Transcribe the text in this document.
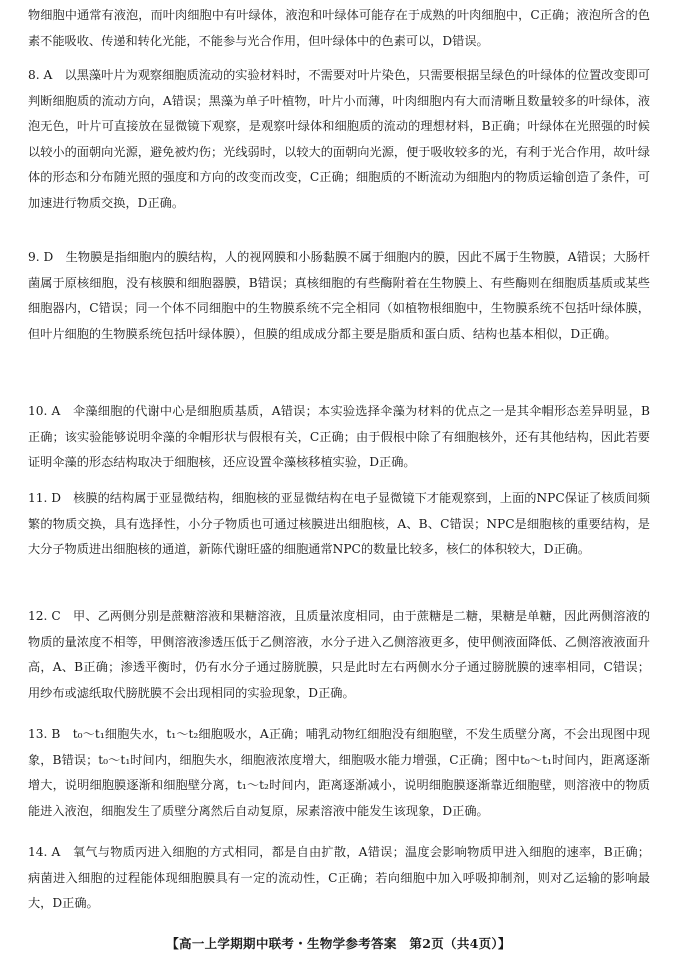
物细胞中通常有液泡，而叶肉细胞中有叶绿体，液泡和叶绿体可能存在于成熟的叶肉细胞中，C正确；液泡所含的色素不能吸收、传递和转化光能，不能参与光合作用，但叶绿体中的色素可以，D错误。

8. A　以黑藻叶片为观察细胞质流动的实验材料时，不需要对叶片染色，只需要根据呈绿色的叶绿体的位置改变即可判断细胞质的流动方向，A错误；黑藻为单子叶植物，叶片小而薄，叶肉细胞内有大而清晰且数量较多的叶绿体，液泡无色，叶片可直接放在显微镜下观察，是观察叶绿体和细胞质的流动的理想材料，B正确；叶绿体在光照强的时候以较小的面朝向光源，避免被灼伤；光线弱时，以较大的面朝向光源，便于吸收较多的光，有利于光合作用，故叶绿体的形态和分布随光照的强度和方向的改变而改变，C正确；细胞质的不断流动为细胞内的物质运输创造了条件，可加速进行物质交换，D正确。

9. D　生物膜是指细胞内的膜结构，人的视网膜和小肠黏膜不属于细胞内的膜，因此不属于生物膜，A错误；大肠杆菌属于原核细胞，没有核膜和细胞器膜，B错误；真核细胞的有些酶附着在生物膜上、有些酶则在细胞质基质或某些细胞器内，C错误；同一个体不同细胞中的生物膜系统不完全相同（如植物根细胞中，生物膜系统不包括叶绿体膜，但叶片细胞的生物膜系统包括叶绿体膜），但膜的组成成分都主要是脂质和蛋白质、结构也基本相似，D正确。

10. A　伞藻细胞的代谢中心是细胞质基质，A错误；本实验选择伞藻为材料的优点之一是其伞帽形态差异明显，B正确；该实验能够说明伞藻的伞帽形状与假根有关，C正确；由于假根中除了有细胞核外，还有其他结构，因此若要证明伞藻的形态结构取决于细胞核，还应设置伞藻核移植实验，D正确。

11. D　核膜的结构属于亚显微结构，细胞核的亚显微结构在电子显微镜下才能观察到，上面的NPC保证了核质间频繁的物质交换，具有选择性，小分子物质也可通过核膜进出细胞核，A、B、C错误；NPC是细胞核的重要结构，是大分子物质进出细胞核的通道，新陈代谢旺盛的细胞通常NPC的数量比较多，核仁的体积较大，D正确。

12. C　甲、乙两侧分别是蔗糖溶液和果糖溶液，且质量浓度相同，由于蔗糖是二糖，果糖是单糖，因此两侧溶液的物质的量浓度不相等，甲侧溶液渗透压低于乙侧溶液，水分子进入乙侧溶液更多，使甲侧液面降低、乙侧溶液液面升高，A、B正确；渗透平衡时，仍有水分子通过膀胱膜，只是此时左右两侧水分子通过膀胱膜的速率相同，C错误；用纱布或滤纸取代膀胱膜不会出现相同的实验现象，D正确。

13. B　t₀～t₁细胞失水，t₁～t₂细胞吸水，A正确；哺乳动物红细胞没有细胞壁，不发生质壁分离，不会出现图中现象，B错误；t₀～t₁时间内，细胞失水，细胞液浓度增大，细胞吸水能力增强，C正确；图中t₀～t₁时间内，距离逐渐增大，说明细胞膜逐渐和细胞壁分离，t₁～t₂时间内，距离逐渐减小，说明细胞膜逐渐靠近细胞壁，则溶液中的物质能进入液泡，细胞发生了质壁分离然后自动复原，尿素溶液中能发生该现象，D正确。

14. A　氧气与物质丙进入细胞的方式相同，都是自由扩散，A错误；温度会影响物质甲进入细胞的速率，B正确；病菌进入细胞的过程能体现细胞膜具有一定的流动性，C正确；若向细胞中加入呼吸抑制剂，则对乙运输的影响最大，D正确。

【高一上学期期中联考・生物学参考答案　第2页（共4页）】
